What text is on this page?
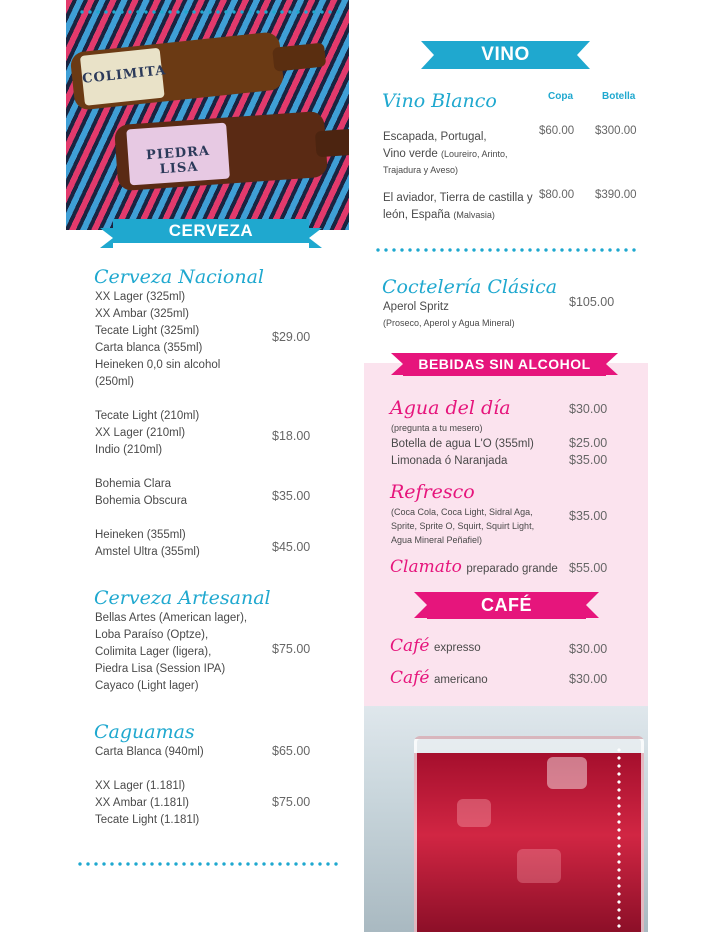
COLIMITA
PIEDRA LISA
CERVEZA
Cerveza Nacional
XX Lager (325ml)
XX Ambar (325ml)
Tecate Light (325ml)
Carta blanca (355ml)
Heineken 0,0 sin alcohol
(250ml)
$29.00
Tecate Light (210ml)
XX Lager (210ml)
Indio (210ml)
$18.00
Bohemia Clara
Bohemia Obscura	$35.00
Heineken (355ml)
Amstel Ultra (355ml)	$45.00
Cerveza Artesanal
Bellas Artes (American lager),
Loba Paraíso (Optze),
Colimita Lager (ligera),
Piedra Lisa (Session IPA)
Cayaco (Light lager)
$75.00
Caguamas
Carta Blanca (940ml)	$65.00
XX Lager (1.181l)
XX Ambar (1.181l)
Tecate Light (1.181l)
$75.00
VINO
Vino Blanco	Copa	Botella
Escapada, Portugal,
Vino verde (Loureiro, Arinto,
Trajadura y Aveso)
$60.00 $300.00
El aviador, Tierra de castilla y
león, España (Malvasia)
$80.00 $390.00
Coctelería Clásica
Aperol Spritz
(Proseco, Aperol y Agua Mineral)
$105.00
BEBIDAS SIN ALCOHOL
Agua del día	$30.00
(pregunta a tu mesero)
Botella de agua L'O (355ml)	$25.00
Limonada ó Naranjada	$35.00
Refresco
(Coca Cola, Coca Light, Sidral Aga,
Sprite, Sprite O, Squirt, Squirt Light,
Agua Mineral Peñafiel)
$35.00
Clamato preparado grande $55.00
CAFÉ
Café expresso	$30.00
Café americano	$30.00
